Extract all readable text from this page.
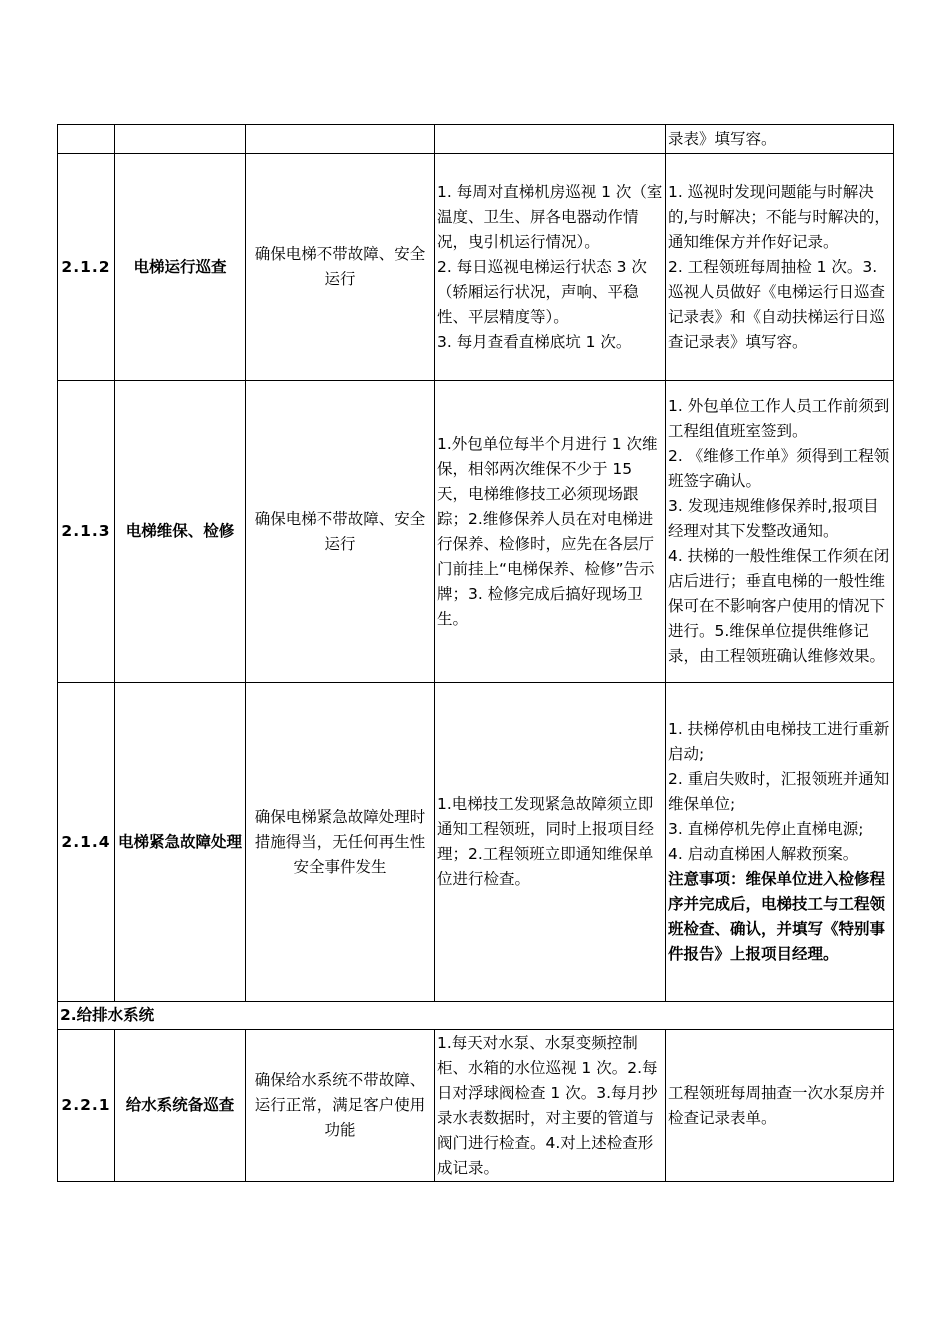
				录表》填写容。
2.1.2	电梯运行巡查	确保电梯不带故障、安全运行	1. 每周对直梯机房巡视 1 次（室温度、卫生、屏各电器动作情况，曳引机运行情况）。
2. 每日巡视电梯运行状态 3 次（轿厢运行状况，声响、平稳性、平层精度等）。
3. 每月查看直梯底坑 1 次。	1. 巡视时发现问题能与时解决的,与时解决；不能与时解决的，通知维保方并作好记录。
2. 工程领班每周抽检 1 次。3.巡视人员做好《电梯运行日巡查记录表》和《自动扶梯运行日巡查记录表》填写容。

2.1.3	电梯维保、检修	确保电梯不带故障、安全运行	1.外包单位每半个月进行 1 次维保，相邻两次维保不少于 15 天，电梯维修技工必须现场跟踪；2.维修保养人员在对电梯进行保养、检修时，应先在各层厅门前挂上“电梯保养、检修”告示牌；3. 检修完成后搞好现场卫生。	1. 外包单位工作人员工作前须到工程组值班室签到。
2. 《维修工作单》须得到工程领班签字确认。
3. 发现违规维修保养时,报项目经理对其下发整改通知。
4. 扶梯的一般性维保工作须在闭店后进行；垂直电梯的一般性维保可在不影响客户使用的情况下进行。5.维保单位提供维修记录，由工程领班确认维修效果。

2.1.4	电梯紧急故障处理	确保电梯紧急故障处理时措施得当，无任何再生性安全事件发生	1.电梯技工发现紧急故障须立即通知工程领班，同时上报项目经理；2.工程领班立即通知维保单位进行检查。	1. 扶梯停机由电梯技工进行重新启动;
2. 重启失败时，汇报领班并通知维保单位;
3. 直梯停机先停止直梯电源;
4. 启动直梯困人解救预案。
注意事项：维保单位进入检修程序并完成后，电梯技工与工程领班检查、确认，并填写《特别事件报告》上报项目经理。

2.给排水系统				
2.2.1	给水系统备巡查	确保给水系统不带故障、运行正常，满足客户使用功能	1.每天对水泵、水泵变频控制柜、水箱的水位巡视 1 次。2.每日对浮球阀检查 1 次。3.每月抄录水表数据时，对主要的管道与阀门进行检查。4.对上述检查形成记录。	工程领班每周抽查一次水泵房并检查记录表单。
